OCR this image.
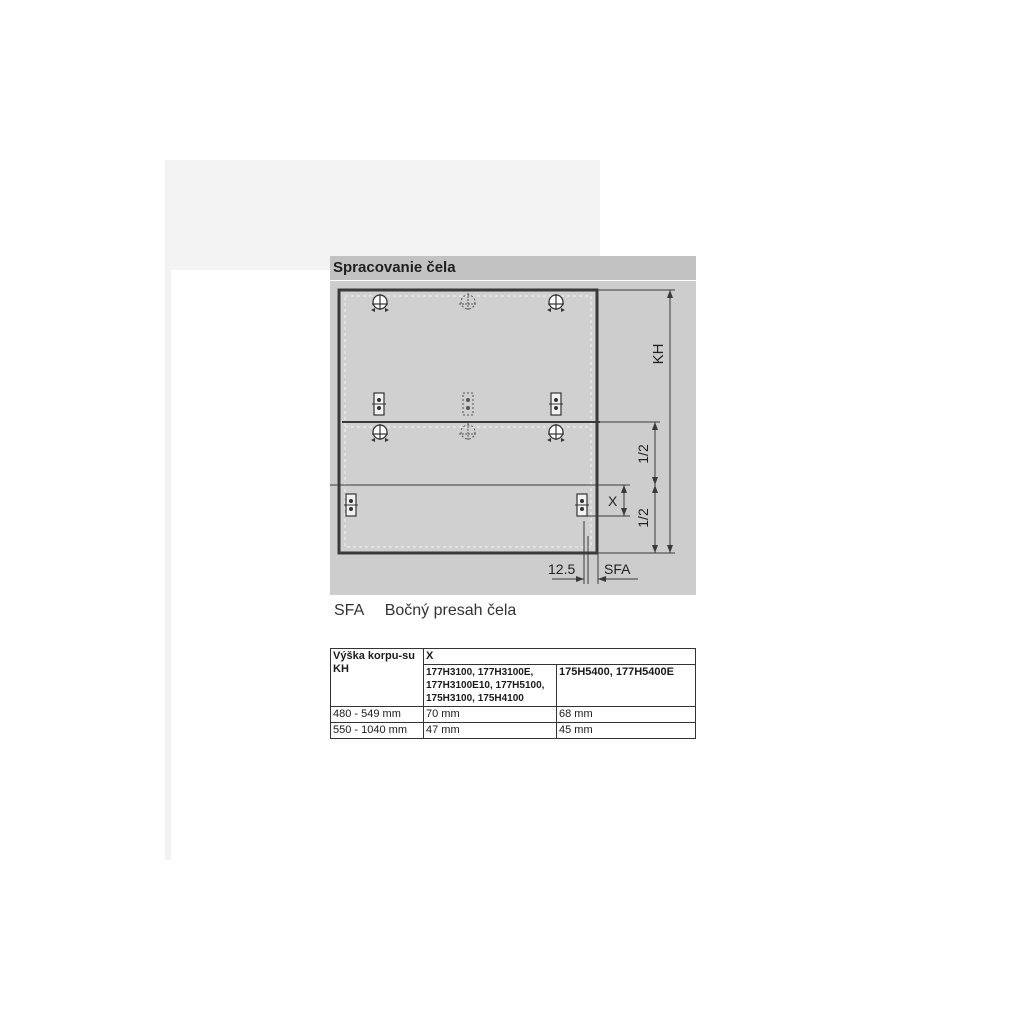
Spracovanie čela
KH
1/2
1/2
X
12.5 SFA
SFA Bočný presah čela
Výška korpu-su KH	X	
	177H3100, 177H3100E, 177H3100E10, 177H5100, 175H3100, 175H4100	175H5400, 177H5400E
480 - 549 mm	70 mm	68 mm
550 - 1040 mm	47 mm	45 mm
